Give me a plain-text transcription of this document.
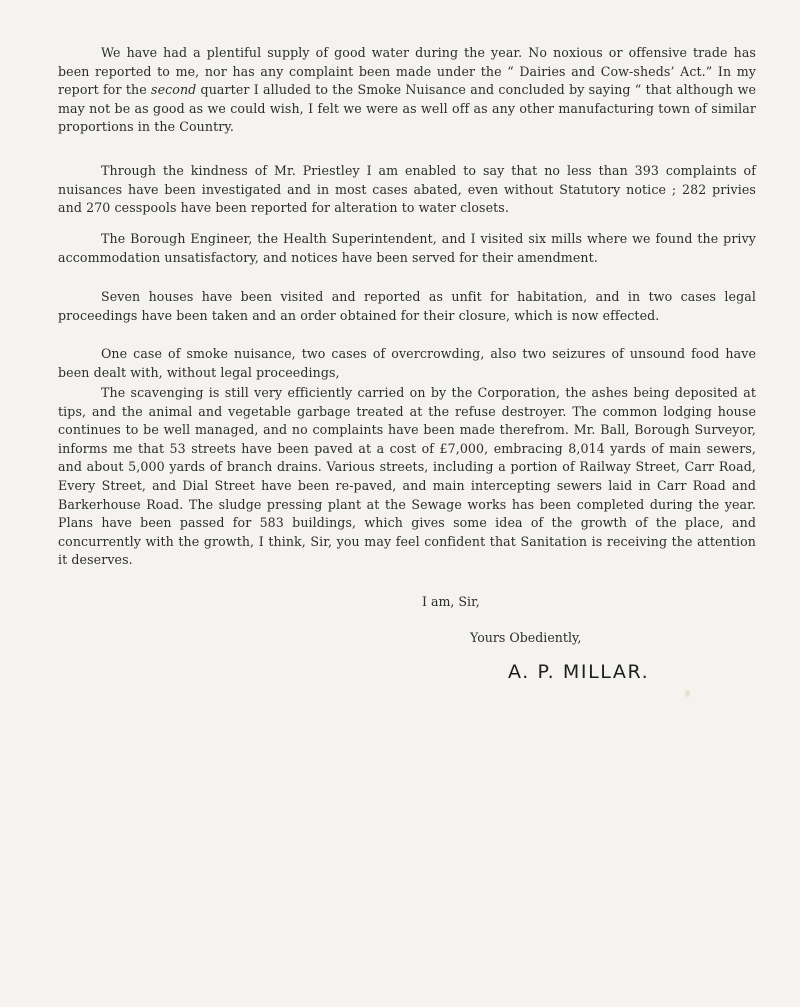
We have had a plentiful supply of good water during the year. No noxious or offensive trade has been reported to me, nor has any complaint been made under the “ Dairies and Cow-sheds’ Act.” In my report for the second quarter I alluded to the Smoke Nuisance and concluded by saying “ that although we may not be as good as we could wish, I felt we were as well off as any other manufacturing town of similar proportions in the Country.

Through the kindness of Mr. Priestley I am enabled to say that no less than 393 complaints of nuisances have been investigated and in most cases abated, even without Statutory notice ; 282 privies and 270 cesspools have been reported for alteration to water closets.

The Borough Engineer, the Health Superintendent, and I visited six mills where we found the privy accommodation unsatisfactory, and notices have been served for their amendment.

Seven houses have been visited and reported as unfit for habitation, and in two cases legal proceedings have been taken and an order obtained for their closure, which is now effected.

One case of smoke nuisance, two cases of overcrowding, also two seizures of unsound food have been dealt with, without legal proceedings,

The scavenging is still very efficiently carried on by the Corporation, the ashes being deposited at tips, and the animal and vegetable garbage treated at the refuse destroyer. The common lodging house continues to be well managed, and no complaints have been made therefrom. Mr. Ball, Borough Surveyor, informs me that 53 streets have been paved at a cost of £7,000, embracing 8,014 yards of main sewers, and about 5,000 yards of branch drains. Various streets, including a portion of Railway Street, Carr Road, Every Street, and Dial Street have been re-paved, and main intercepting sewers laid in Carr Road and Barkerhouse Road. The sludge pressing plant at the Sewage works has been completed during the year. Plans have been passed for 583 buildings, which gives some idea of the growth of the place, and concurrently with the growth, I think, Sir, you may feel confident that Sanitation is receiving the attention it deserves.

I am, Sir,
Yours Obediently,
A. P. MILLAR.
